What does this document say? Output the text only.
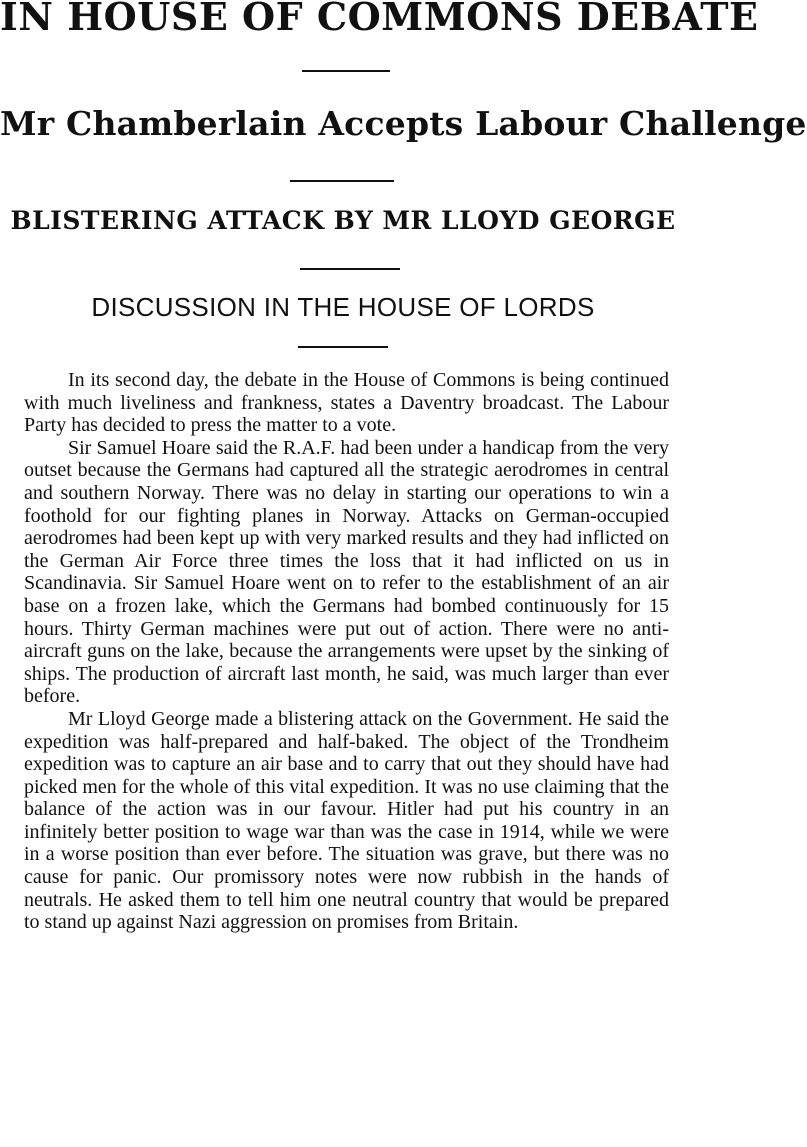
IN HOUSE OF COMMONS DEBATE
Mr Chamberlain Accepts Labour Challenge
BLISTERING ATTACK BY MR LLOYD GEORGE
DISCUSSION IN THE HOUSE OF LORDS

In its second day, the debate in the House of Commons is being continued with much liveliness and frankness, states a Daventry broadcast. The Labour Party has decided to press the matter to a vote.

Sir Samuel Hoare said the R.A.F. had been under a handicap from the very outset because the Germans had captured all the strategic aerodromes in central and southern Norway. There was no delay in starting our operations to win a foothold for our fighting planes in Norway. Attacks on German-occupied aerodromes had been kept up with very marked results and they had inflicted on the German Air Force three times the loss that it had inflicted on us in Scandinavia. Sir Samuel Hoare went on to refer to the establishment of an air base on a frozen lake, which the Germans had bombed continuously for 15 hours. Thirty German machines were put out of action. There were no anti-aircraft guns on the lake, because the arrangements were upset by the sinking of ships. The production of aircraft last month, he said, was much larger than ever before.

Mr Lloyd George made a blistering attack on the Government. He said the expedition was half-prepared and half-baked. The object of the Trondheim expedition was to capture an air base and to carry that out they should have had picked men for the whole of this vital expedition. It was no use claiming that the balance of the action was in our favour. Hitler had put his country in an infinitely better position to wage war than was the case in 1914, while we were in a worse position than ever before. The situation was grave, but there was no cause for panic. Our promissory notes were now rubbish in the hands of neutrals. He asked them to tell him one neutral country that would be prepared to stand up against Nazi aggression on promises from Britain.
